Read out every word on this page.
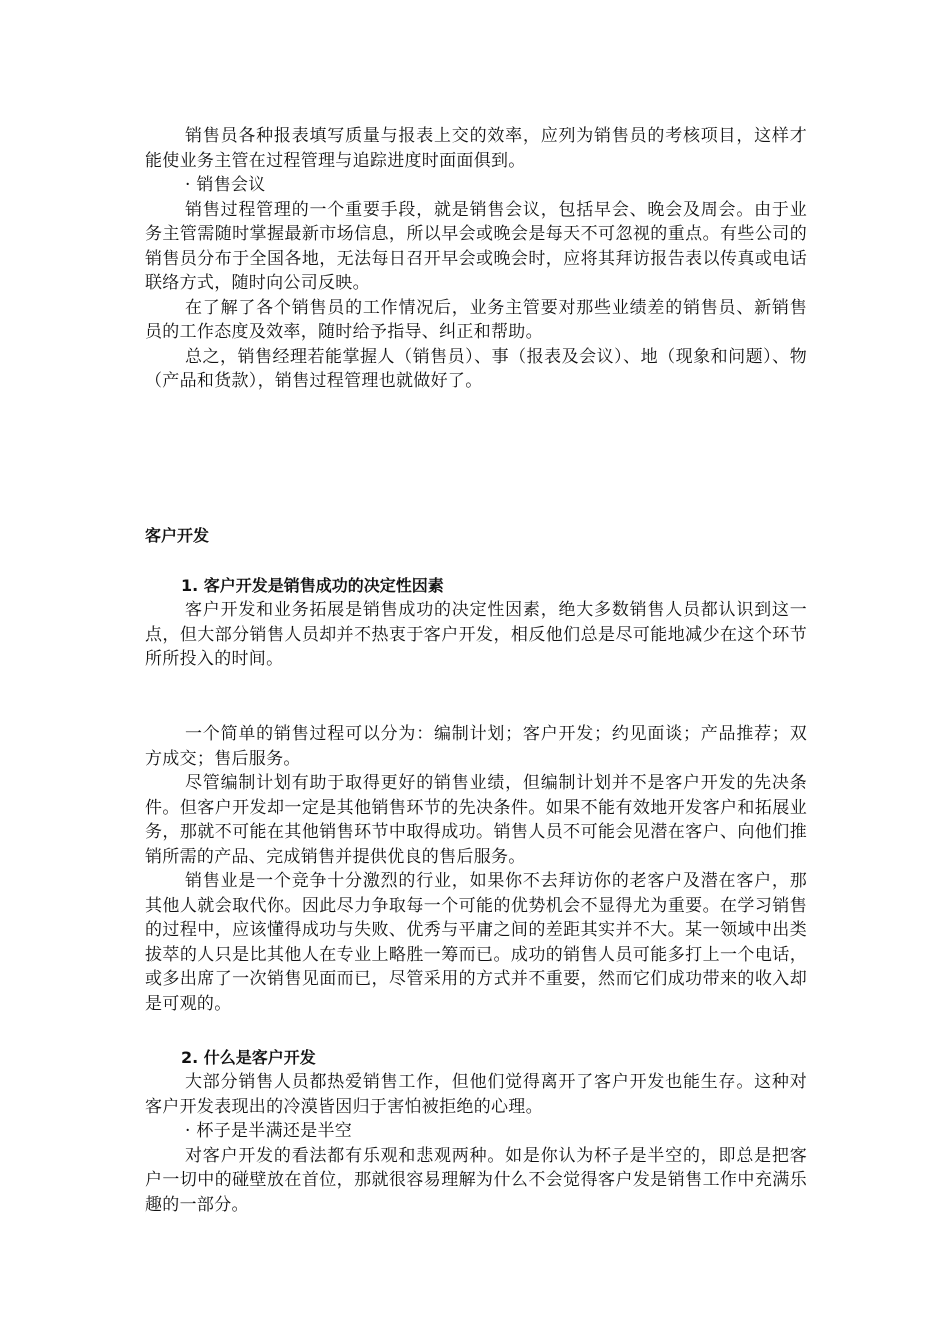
销售员各种报表填写质量与报表上交的效率，应列为销售员的考核项目，这样才能使业务主管在过程管理与追踪进度时面面俱到。

· 销售会议

销售过程管理的一个重要手段，就是销售会议，包括早会、晚会及周会。由于业务主管需随时掌握最新市场信息，所以早会或晚会是每天不可忽视的重点。有些公司的销售员分布于全国各地，无法每日召开早会或晚会时，应将其拜访报告表以传真或电话联络方式，随时向公司反映。

在了解了各个销售员的工作情况后，业务主管要对那些业绩差的销售员、新销售员的工作态度及效率，随时给予指导、纠正和帮助。

总之，销售经理若能掌握人（销售员）、事（报表及会议）、地（现象和问题）、物（产品和货款），销售过程管理也就做好了。

客户开发
1. 客户开发是销售成功的决定性因素

客户开发和业务拓展是销售成功的决定性因素，绝大多数销售人员都认识到这一点，但大部分销售人员却并不热衷于客户开发，相反他们总是尽可能地减少在这个环节所所投入的时间。

一个简单的销售过程可以分为：编制计划；客户开发；约见面谈；产品推荐；双方成交；售后服务。

尽管编制计划有助于取得更好的销售业绩，但编制计划并不是客户开发的先决条件。但客户开发却一定是其他销售环节的先决条件。如果不能有效地开发客户和拓展业务，那就不可能在其他销售环节中取得成功。销售人员不可能会见潜在客户、向他们推销所需的产品、完成销售并提供优良的售后服务。

销售业是一个竞争十分激烈的行业，如果你不去拜访你的老客户及潜在客户，那其他人就会取代你。因此尽力争取每一个可能的优势机会不显得尤为重要。在学习销售的过程中，应该懂得成功与失败、优秀与平庸之间的差距其实并不大。某一领域中出类拔萃的人只是比其他人在专业上略胜一筹而已。成功的销售人员可能多打上一个电话，或多出席了一次销售见面而已，尽管采用的方式并不重要，然而它们成功带来的收入却是可观的。

2. 什么是客户开发

大部分销售人员都热爱销售工作，但他们觉得离开了客户开发也能生存。这种对客户开发表现出的冷漠皆因归于害怕被拒绝的心理。

· 杯子是半满还是半空

对客户开发的看法都有乐观和悲观两种。如是你认为杯子是半空的，即总是把客户一切中的碰壁放在首位，那就很容易理解为什么不会觉得客户发是销售工作中充满乐趣的一部分。
